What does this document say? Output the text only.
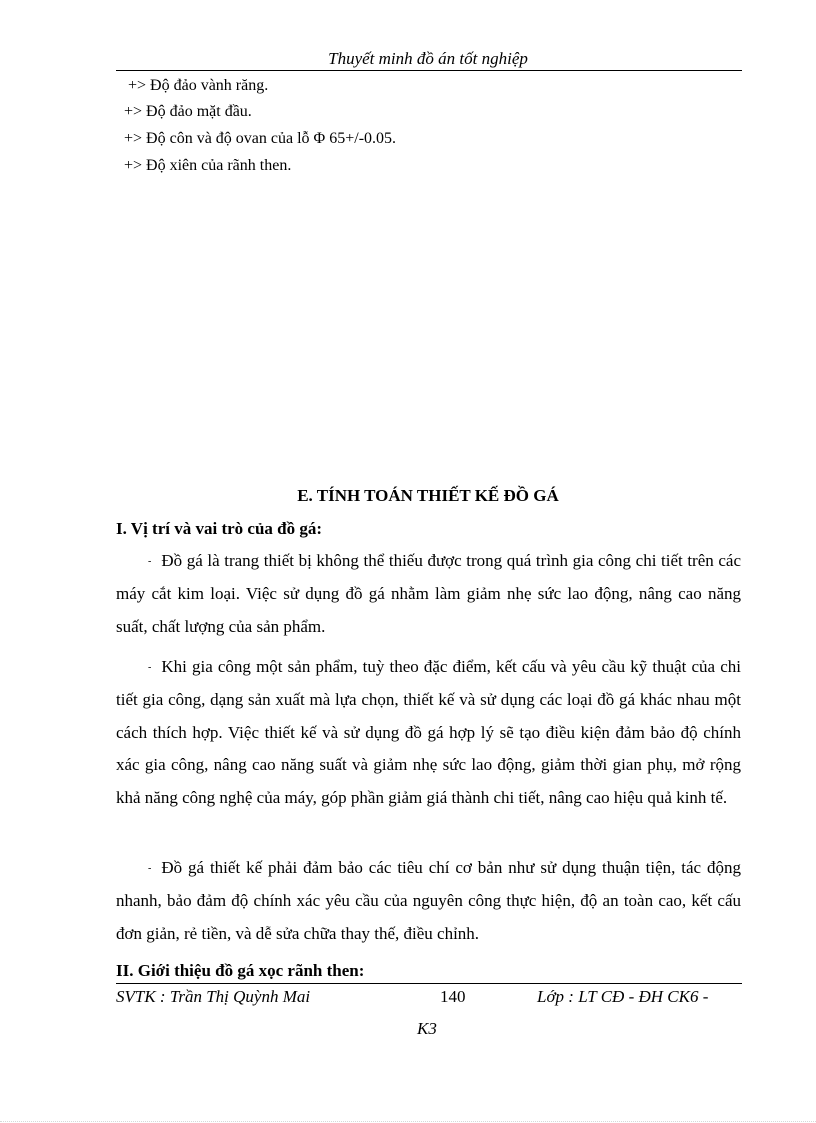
Thuyết minh đồ án tốt nghiệp
+> Độ đảo vành răng.
+> Độ đảo mặt đầu.
+> Độ côn và độ ovan của lỗ Φ 65+/-0.05.
+> Độ xiên của rãnh then.
E. TÍNH TOÁN THIẾT KẾ ĐỒ GÁ
I. Vị trí và vai trò của đồ gá:
- Đồ gá là trang thiết bị không thể thiếu được trong quá trình gia công chi tiết trên các máy cắt kim loại. Việc sử dụng đồ gá nhằm làm giảm nhẹ sức lao động, nâng cao năng suất, chất lượng của sản phẩm.
- Khi gia công một sản phẩm, tuỳ theo đặc điểm, kết cấu và yêu cầu kỹ thuật của chi tiết gia công, dạng sản xuất mà lựa chọn, thiết kế và sử dụng các loại đồ gá khác nhau một cách thích hợp. Việc thiết kế và sử dụng đồ gá hợp lý sẽ tạo điều kiện đảm bảo độ chính xác gia công, nâng cao năng suất và giảm nhẹ sức lao động, giảm thời gian phụ, mở rộng khả năng công nghệ của máy, góp phần giảm giá thành chi tiết, nâng cao hiệu quả kinh tế.
- Đồ gá thiết kế phải đảm bảo các tiêu chí cơ bản như sử dụng thuận tiện, tác động nhanh, bảo đảm độ chính xác yêu cầu của nguyên công thực hiện, độ an toàn cao, kết cấu đơn giản, rẻ tiền, và dễ sửa chữa thay thế, điều chỉnh.
II. Giới thiệu đồ gá xọc rãnh then:
SVTK : Trần Thị Quỳnh Mai	140	Lớp : LT CĐ - ĐH CK6 -
K3
